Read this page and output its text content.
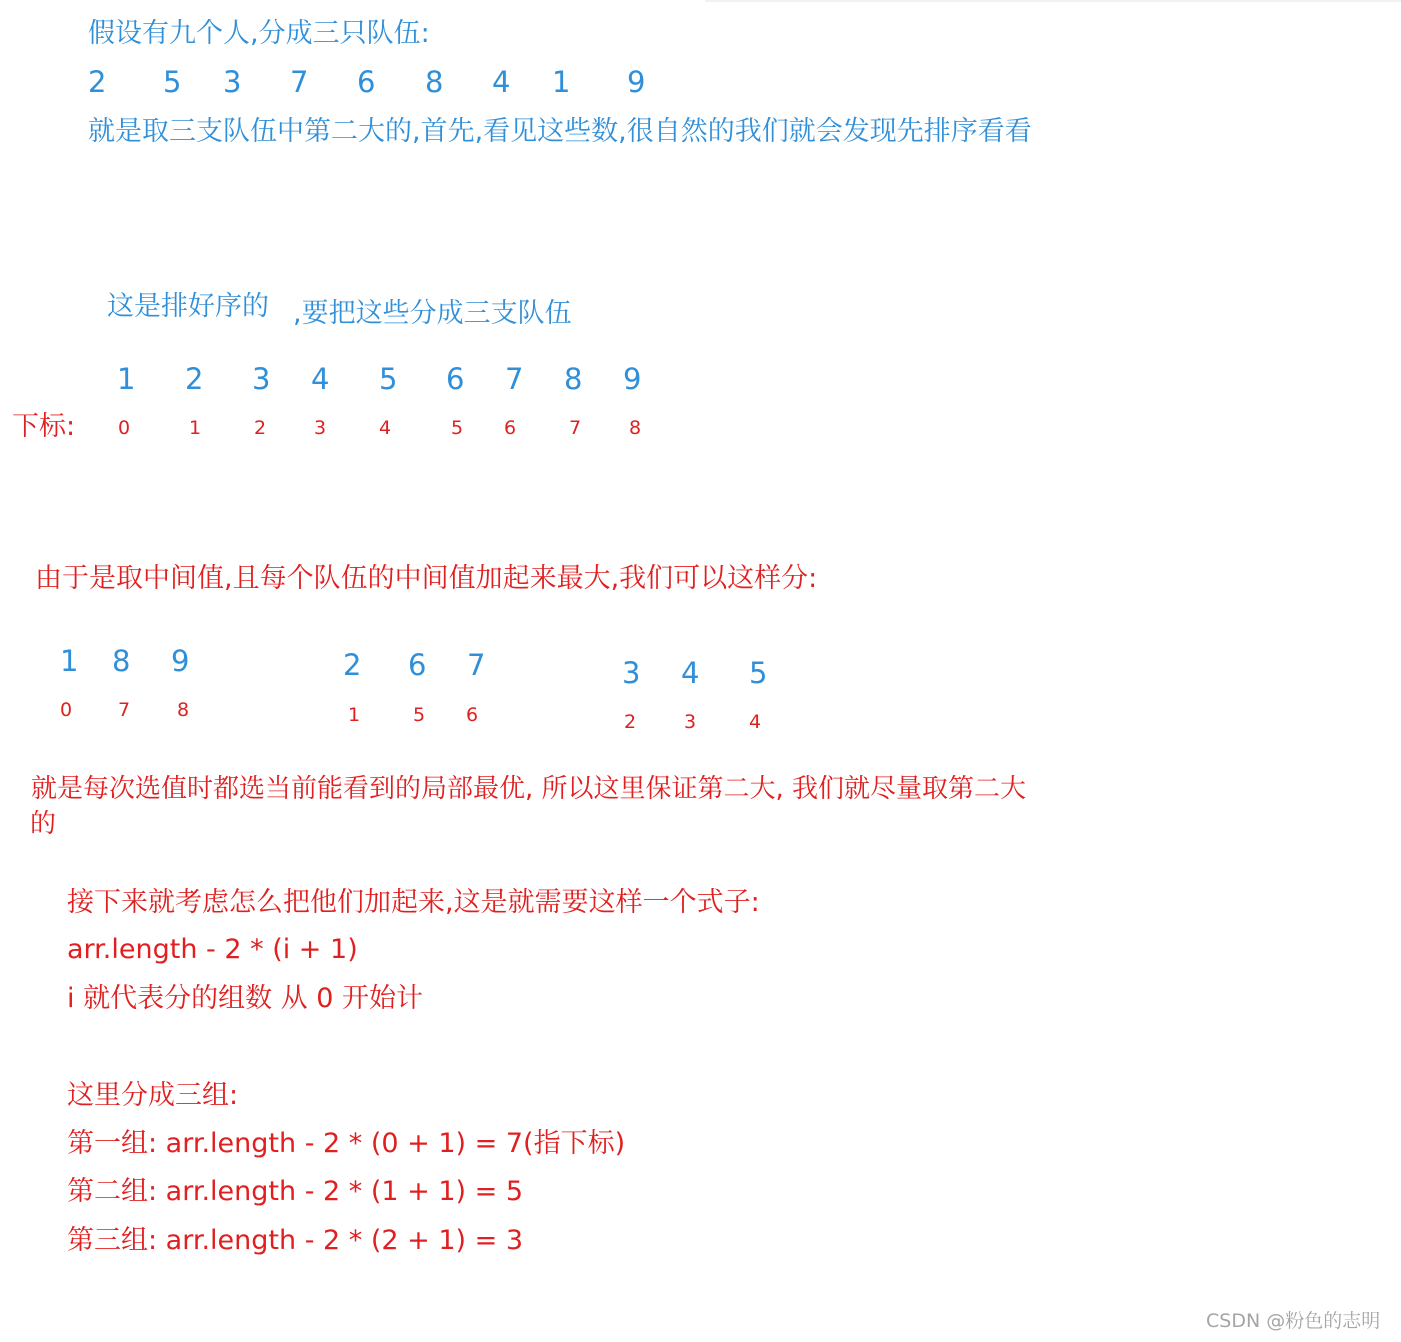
假设有九个人,分成三只队伍:
2 5 3 7 6 8 4 1 9
就是取三支队伍中第二大的,首先,看见这些数,很自然的我们就会发现先排序看看
这是排好序的 ,要把这些分成三支队伍
1 2 3 4 5 6 7 8 9
下标: 0	1	2	3	4	5 6	7	8
由于是取中间值,且每个队伍的中间值加起来最大,我们可以这样分:
1 8 9
0 7 8
2 6 7
1	5 6
3 4 5
2	3	4
就是每次选值时都选当前能看到的局部最优, 所以这里保证第二大, 我们就尽量取第二大
的
接下来就考虑怎么把他们加起来,这是就需要这样一个式子:
arr.length - 2 * (i + 1)
i 就代表分的组数 从 0 开始计
这里分成三组:
第一组: arr.length - 2 * (0 + 1) = 7(指下标)
第二组: arr.length - 2 * (1 + 1) = 5
第三组: arr.length - 2 * (2 + 1) = 3
CSDN @粉色的志明
